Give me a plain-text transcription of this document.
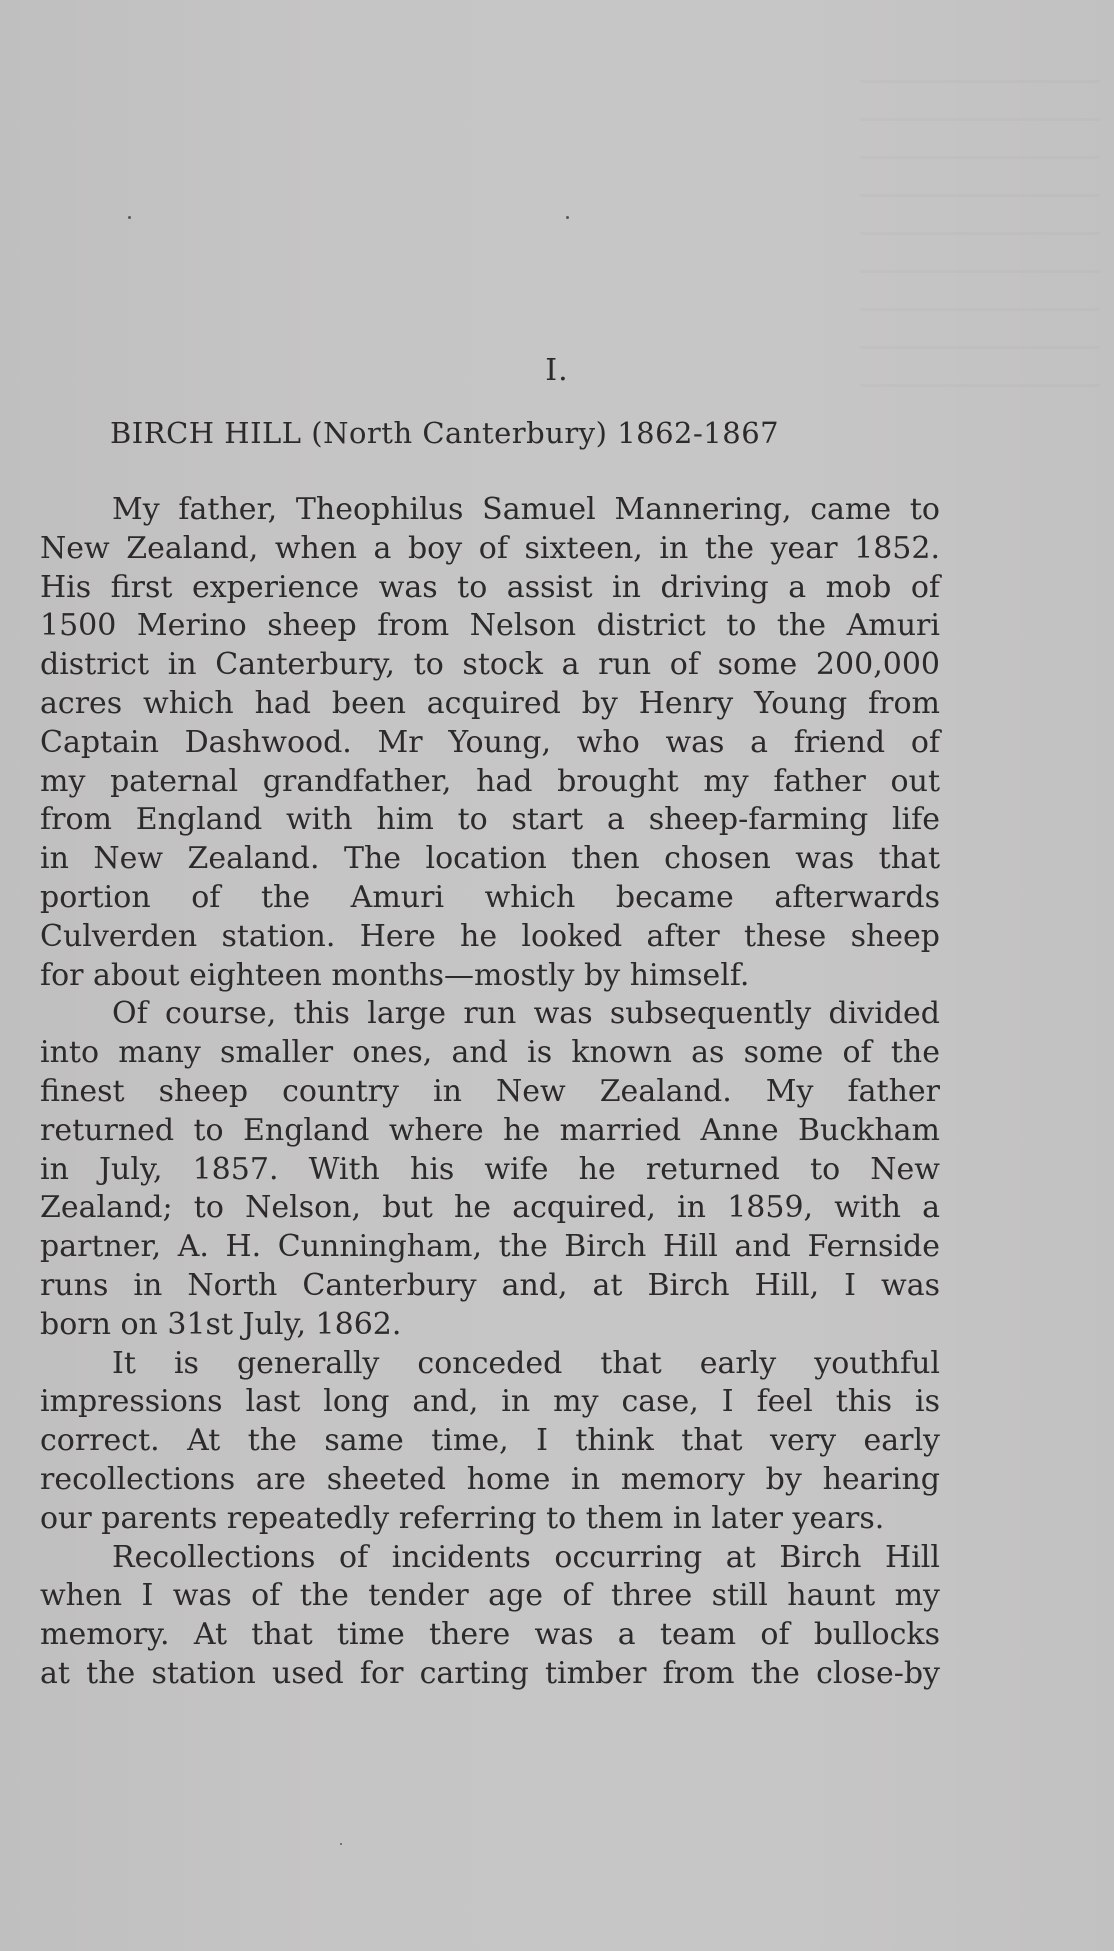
I.
BIRCH HILL (North Canterbury) 1862-1867
My father, Theophilus Samuel Mannering, came to
New Zealand, when a boy of sixteen, in the year 1852.
His first experience was to assist in driving a mob of
1500 Merino sheep from Nelson district to the Amuri
district in Canterbury, to stock a run of some 200,000
acres which had been acquired by Henry Young from
Captain Dashwood. Mr Young, who was a friend of
my paternal grandfather, had brought my father out
from England with him to start a sheep-farming life
in New Zealand. The location then chosen was that
portion of the Amuri which became afterwards
Culverden station. Here he looked after these sheep
for about eighteen months—mostly by himself.
Of course, this large run was subsequently divided
into many smaller ones, and is known as some of the
finest sheep country in New Zealand. My father
returned to England where he married Anne Buckham
in July, 1857. With his wife he returned to New
Zealand; to Nelson, but he acquired, in 1859, with a
partner, A. H. Cunningham, the Birch Hill and Fernside
runs in North Canterbury and, at Birch Hill, I was
born on 31st July, 1862.
It is generally conceded that early youthful
impressions last long and, in my case, I feel this is
correct. At the same time, I think that very early
recollections are sheeted home in memory by hearing
our parents repeatedly referring to them in later years.
Recollections of incidents occurring at Birch Hill
when I was of the tender age of three still haunt my
memory. At that time there was a team of bullocks
at the station used for carting timber from the close-by
